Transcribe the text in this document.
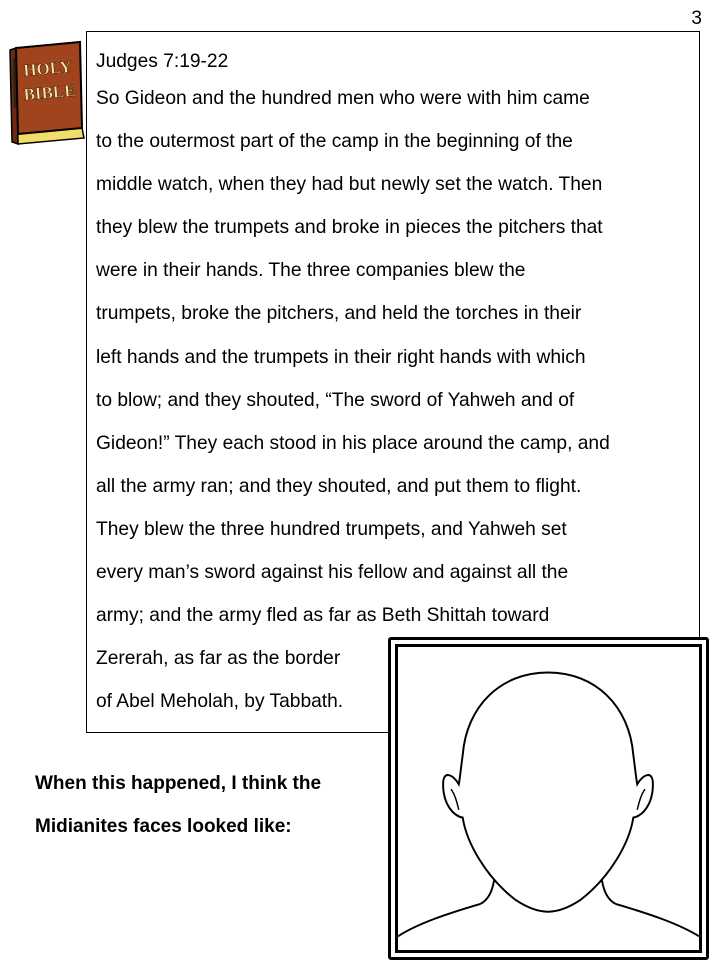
3
HOLY
BIBLE
Judges 7:19-22
So Gideon and the hundred men who were with him came
to the outermost part of the camp in the beginning of the
middle watch, when they had but newly set the watch. Then
they blew the trumpets and broke in pieces the pitchers that
were in their hands. The three companies blew the
trumpets, broke the pitchers, and held the torches in their
left hands and the trumpets in their right hands with which
to blow; and they shouted, “The sword of Yahweh and of
Gideon!” They each stood in his place around the camp, and
all the army ran; and they shouted, and put them to flight.
They blew the three hundred trumpets, and Yahweh set
every man’s sword against his fellow and against all the
army; and the army fled as far as Beth Shittah toward
Zererah, as far as the border
of Abel Meholah, by Tabbath.
When this happened, I think the
Midianites faces looked like:
